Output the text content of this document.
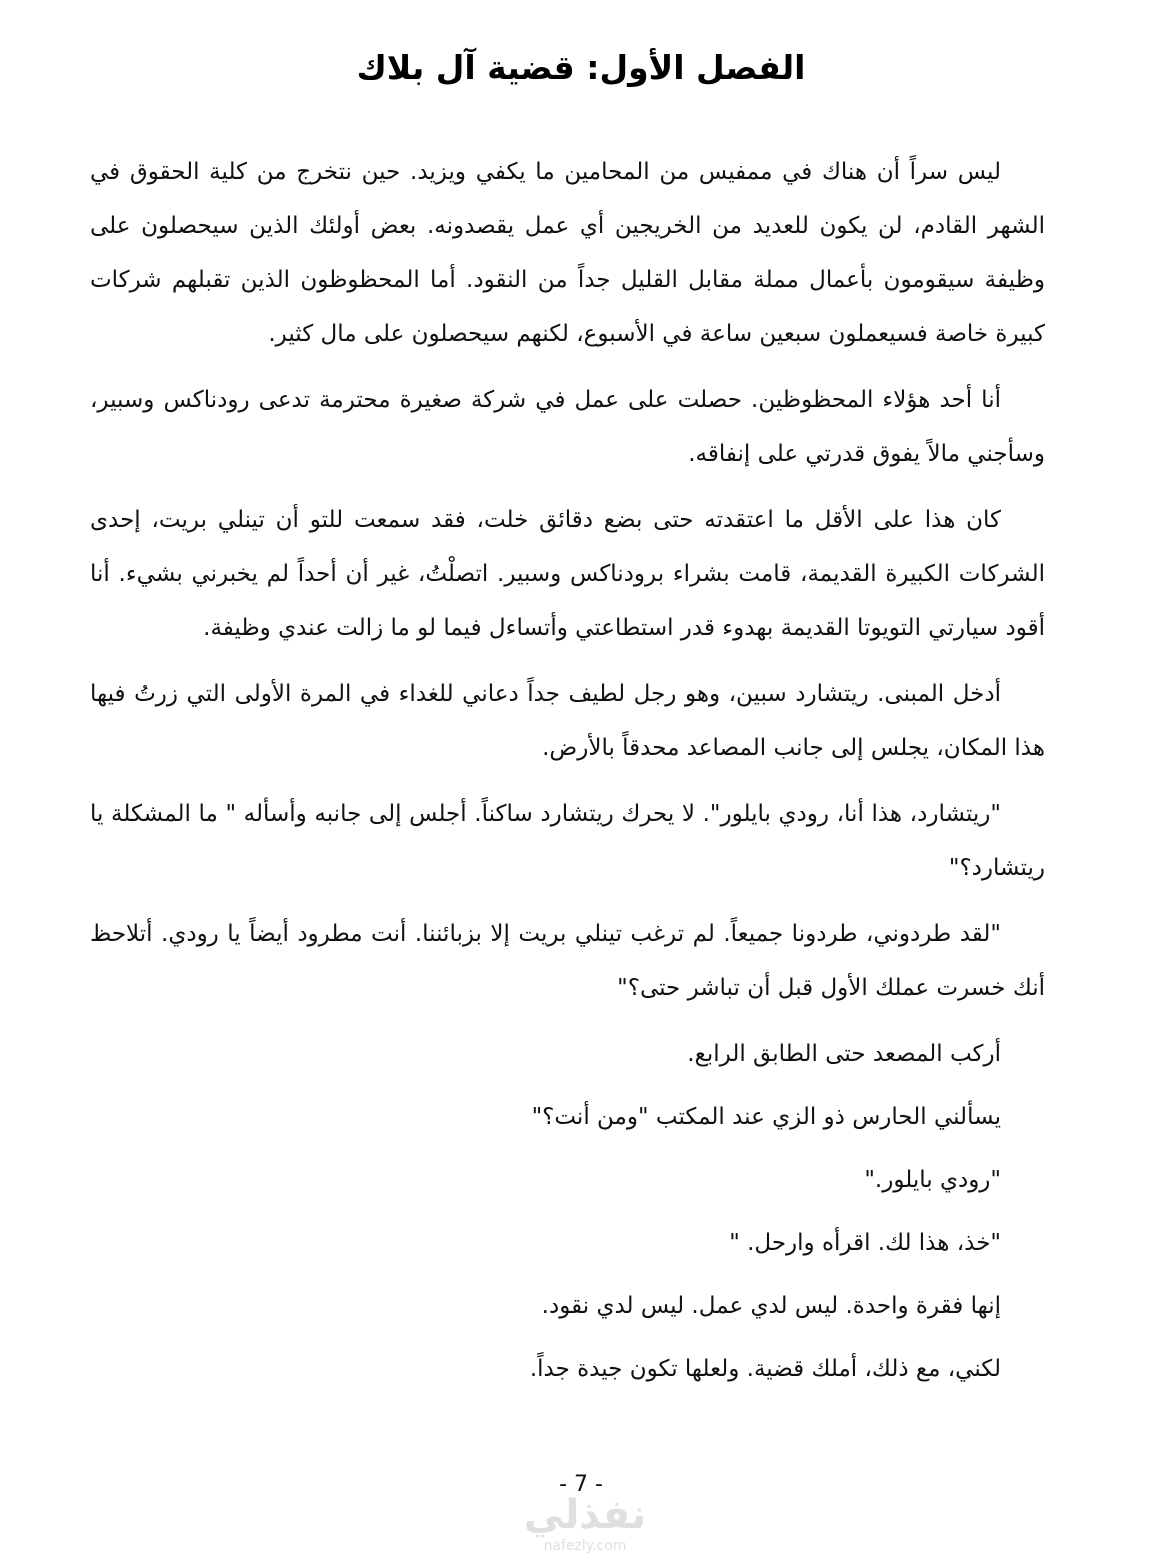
الفصل الأول: قضية آل بلاك

ليس سراً أن هناك في ممفيس من المحامين ما يكفي ويزيد. حين نتخرج من كلية الحقوق في الشهر القادم، لن يكون للعديد من الخريجين أي عمل يقصدونه. بعض أولئك الذين سيحصلون على وظيفة سيقومون بأعمال مملة مقابل القليل جداً من النقود. أما المحظوظون الذين تقبلهم شركات كبيرة خاصة فسيعملون سبعين ساعة في الأسبوع، لكنهم سيحصلون على مال كثير.

أنا أحد هؤلاء المحظوظين. حصلت على عمل في شركة صغيرة محترمة تدعى رودناكس وسبير، وسأجني مالاً يفوق قدرتي على إنفاقه.

كان هذا على الأقل ما اعتقدته حتى بضع دقائق خلت، فقد سمعت للتو أن تينلي بريت، إحدى الشركات الكبيرة القديمة، قامت بشراء برودناكس وسبير. اتصلْتُ، غير أن أحداً لم يخبرني بشيء. أنا أقود سيارتي التويوتا القديمة بهدوء قدر استطاعتي وأتساءل فيما لو ما زالت عندي وظيفة.

أدخل المبنى. ريتشارد سبين، وهو رجل لطيف جداً دعاني للغداء في المرة الأولى التي زرتُ فيها هذا المكان، يجلس إلى جانب المصاعد محدقاً بالأرض.

"ريتشارد، هذا أنا، رودي بايلور". لا يحرك ريتشارد ساكناً. أجلس إلى جانبه وأسأله " ما المشكلة يا ريتشارد؟"

"لقد طردوني، طردونا جميعاً. لم ترغب تينلي بريت إلا بزبائننا. أنت مطرود أيضاً يا رودي. أتلاحظ أنك خسرت عملك الأول قبل أن تباشر حتى؟"

أركب المصعد حتى الطابق الرابع.

يسألني الحارس ذو الزي عند المكتب "ومن أنت؟"

"رودي بايلور."

"خذ، هذا لك. اقرأه وارحل. "

إنها فقرة واحدة. ليس لدي عمل. ليس لدي نقود.

لكني، مع ذلك، أملك قضية. ولعلها تكون جيدة جداً.

- 7 -
نفذلي
nafezly.com
